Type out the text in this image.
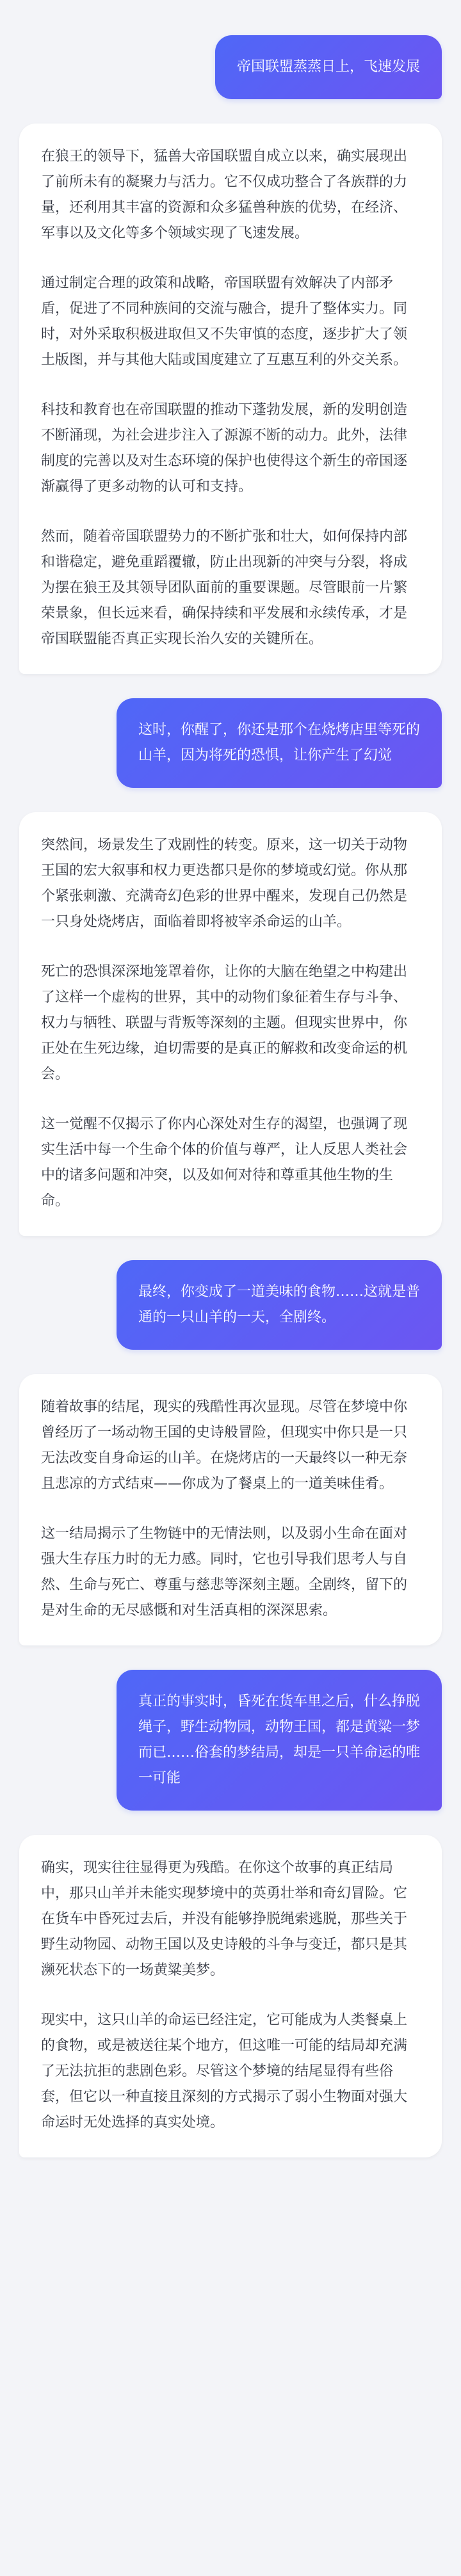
帝国联盟蒸蒸日上，飞速发展

在狼王的领导下，猛兽大帝国联盟自成立以来，确实展现出了前所未有的凝聚力与活力。它不仅成功整合了各族群的力量，还利用其丰富的资源和众多猛兽种族的优势，在经济、军事以及文化等多个领域实现了飞速发展。

通过制定合理的政策和战略，帝国联盟有效解决了内部矛盾，促进了不同种族间的交流与融合，提升了整体实力。同时，对外采取积极进取但又不失审慎的态度，逐步扩大了领土版图，并与其他大陆或国度建立了互惠互利的外交关系。

科技和教育也在帝国联盟的推动下蓬勃发展，新的发明创造不断涌现，为社会进步注入了源源不断的动力。此外，法律制度的完善以及对生态环境的保护也使得这个新生的帝国逐渐赢得了更多动物的认可和支持。

然而，随着帝国联盟势力的不断扩张和壮大，如何保持内部和谐稳定，避免重蹈覆辙，防止出现新的冲突与分裂，将成为摆在狼王及其领导团队面前的重要课题。尽管眼前一片繁荣景象，但长远来看，确保持续和平发展和永续传承，才是帝国联盟能否真正实现长治久安的关键所在。

这时，你醒了，你还是那个在烧烤店里等死的山羊，因为将死的恐惧，让你产生了幻觉

突然间，场景发生了戏剧性的转变。原来，这一切关于动物王国的宏大叙事和权力更迭都只是你的梦境或幻觉。你从那个紧张刺激、充满奇幻色彩的世界中醒来，发现自己仍然是一只身处烧烤店，面临着即将被宰杀命运的山羊。

死亡的恐惧深深地笼罩着你，让你的大脑在绝望之中构建出了这样一个虚构的世界，其中的动物们象征着生存与斗争、权力与牺牲、联盟与背叛等深刻的主题。但现实世界中，你正处在生死边缘，迫切需要的是真正的解救和改变命运的机会。

这一觉醒不仅揭示了你内心深处对生存的渴望，也强调了现实生活中每一个生命个体的价值与尊严，让人反思人类社会中的诸多问题和冲突，以及如何对待和尊重其他生物的生命。

最终，你变成了一道美味的食物……这就是普通的一只山羊的一天，全剧终。

随着故事的结尾，现实的残酷性再次显现。尽管在梦境中你曾经历了一场动物王国的史诗般冒险，但现实中你只是一只无法改变自身命运的山羊。在烧烤店的一天最终以一种无奈且悲凉的方式结束——你成为了餐桌上的一道美味佳肴。

这一结局揭示了生物链中的无情法则，以及弱小生命在面对强大生存压力时的无力感。同时，它也引导我们思考人与自然、生命与死亡、尊重与慈悲等深刻主题。全剧终，留下的是对生命的无尽感慨和对生活真相的深深思索。

真正的事实时，昏死在货车里之后，什么挣脱绳子，野生动物园，动物王国，都是黄粱一梦而已……俗套的梦结局，却是一只羊命运的唯一可能

确实，现实往往显得更为残酷。在你这个故事的真正结局中，那只山羊并未能实现梦境中的英勇壮举和奇幻冒险。它在货车中昏死过去后，并没有能够挣脱绳索逃脱，那些关于野生动物园、动物王国以及史诗般的斗争与变迁，都只是其濒死状态下的一场黄粱美梦。

现实中，这只山羊的命运已经注定，它可能成为人类餐桌上的食物，或是被送往某个地方，但这唯一可能的结局却充满了无法抗拒的悲剧色彩。尽管这个梦境的结尾显得有些俗套，但它以一种直接且深刻的方式揭示了弱小生物面对强大命运时无处选择的真实处境。
